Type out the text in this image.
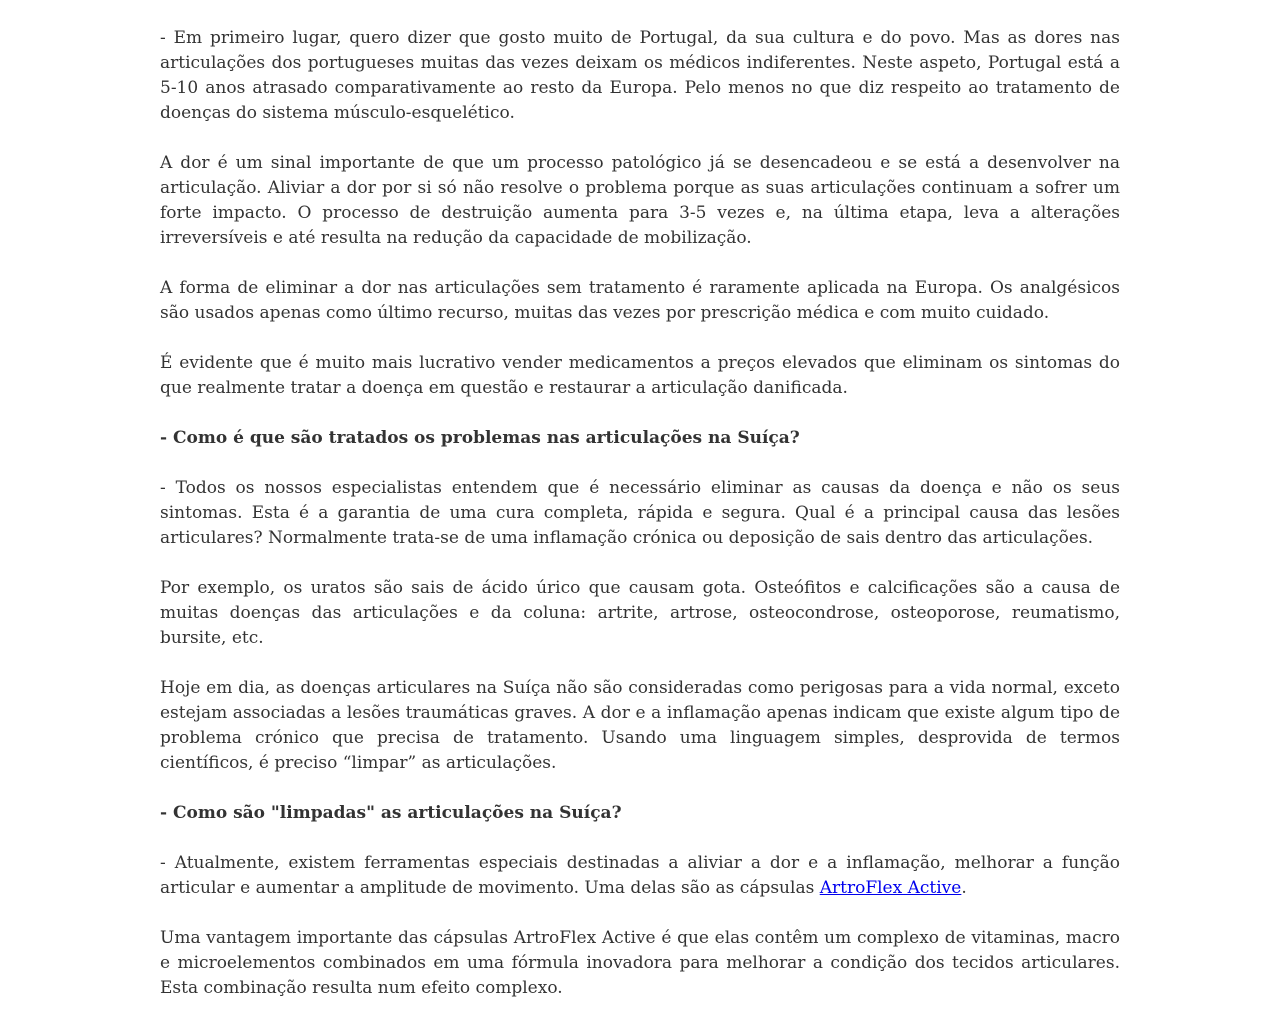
- Em primeiro lugar, quero dizer que gosto muito de Portugal, da sua cultura e do povo. Mas as dores nas articulações dos portugueses muitas das vezes deixam os médicos indiferentes. Neste aspeto, Portugal está a 5-10 anos atrasado comparativamente ao resto da Europa. Pelo menos no que diz respeito ao tratamento de doenças do sistema músculo-esquelético.

A dor é um sinal importante de que um processo patológico já se desencadeou e se está a desenvolver na articulação. Aliviar a dor por si só não resolve o problema porque as suas articulações continuam a sofrer um forte impacto. O processo de destruição aumenta para 3-5 vezes e, na última etapa, leva a alterações irreversíveis e até resulta na redução da capacidade de mobilização.

A forma de eliminar a dor nas articulações sem tratamento é raramente aplicada na Europa. Os analgésicos são usados apenas como último recurso, muitas das vezes por prescrição médica e com muito cuidado.

É evidente que é muito mais lucrativo vender medicamentos a preços elevados que eliminam os sintomas do que realmente tratar a doença em questão e restaurar a articulação danificada.

- Como é que são tratados os problemas nas articulações na Suíça?

- Todos os nossos especialistas entendem que é necessário eliminar as causas da doença e não os seus sintomas. Esta é a garantia de uma cura completa, rápida e segura. Qual é a principal causa das lesões articulares? Normalmente trata-se de uma inflamação crónica ou deposição de sais dentro das articulações.

Por exemplo, os uratos são sais de ácido úrico que causam gota. Osteófitos e calcificações são a causa de muitas doenças das articulações e da coluna: artrite, artrose, osteocondrose, osteoporose, reumatismo, bursite, etc.

Hoje em dia, as doenças articulares na Suíça não são consideradas como perigosas para a vida normal, exceto estejam associadas a lesões traumáticas graves. A dor e a inflamação apenas indicam que existe algum tipo de problema crónico que precisa de tratamento. Usando uma linguagem simples, desprovida de termos científicos, é preciso “limpar” as articulações.

- Como são "limpadas" as articulações na Suíça?

- Atualmente, existem ferramentas especiais destinadas a aliviar a dor e a inflamação, melhorar a função articular e aumentar a amplitude de movimento. Uma delas são as cápsulas ArtroFlex Active.

Uma vantagem importante das cápsulas ArtroFlex Active é que elas contêm um complexo de vitaminas, macro e microelementos combinados em uma fórmula inovadora para melhorar a condição dos tecidos articulares. Esta combinação resulta num efeito complexo.
